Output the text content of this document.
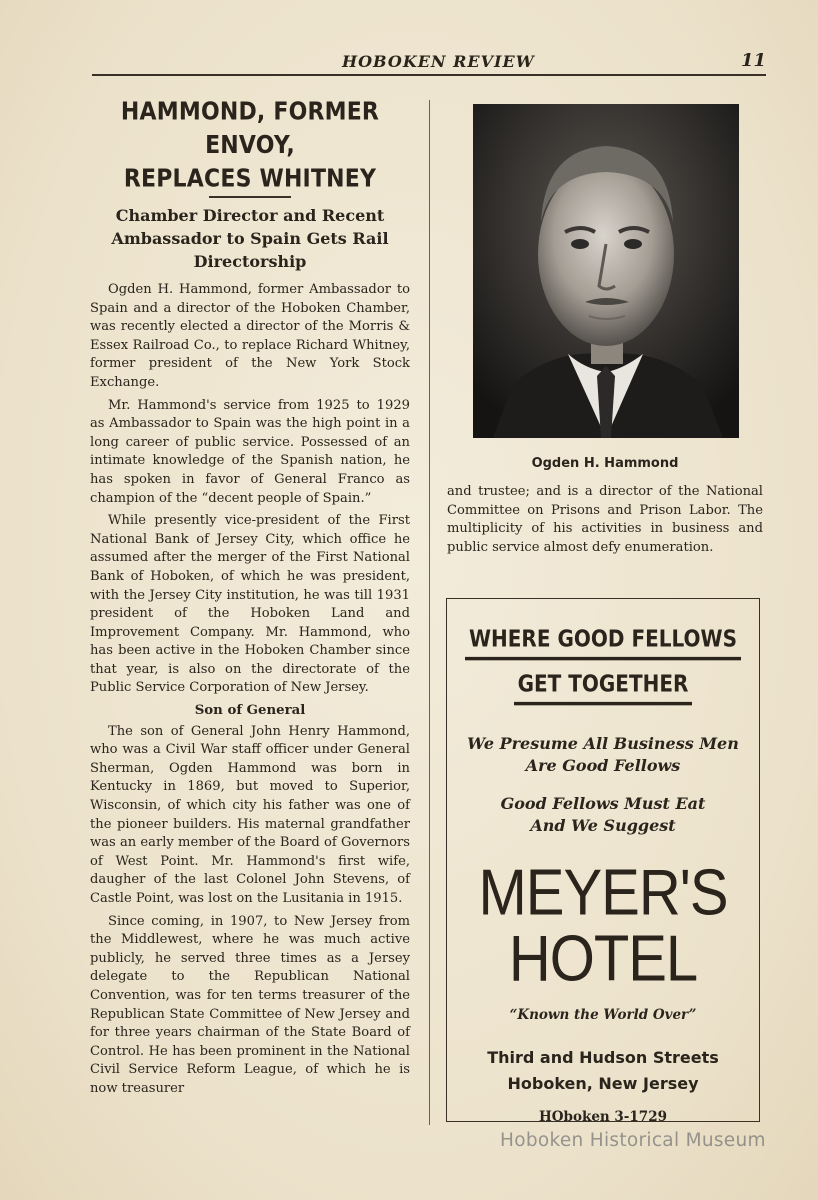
HOBOKEN REVIEW	11
HAMMOND, FORMER ENVOY,
REPLACES WHITNEY
Chamber Director and Recent Ambassador to Spain Gets Rail Directorship

Ogden H. Hammond, former Ambassador to Spain and a director of the Hoboken Chamber, was recently elected a director of the Morris & Essex Railroad Co., to replace Richard Whitney, former president of the New York Stock Exchange.

Mr. Hammond's service from 1925 to 1929 as Ambassador to Spain was the high point in a long career of public service. Possessed of an intimate knowledge of the Spanish nation, he has spoken in favor of General Franco as champion of the “decent people of Spain.”

While presently vice-president of the First National Bank of Jersey City, which office he assumed after the merger of the First National Bank of Hoboken, of which he was president, with the Jersey City institution, he was till 1931 president of the Hoboken Land and Improvement Company. Mr. Hammond, who has been active in the Hoboken Chamber since that year, is also on the directorate of the Public Service Corporation of New Jersey.

Son of General

The son of General John Henry Hammond, who was a Civil War staff officer under General Sherman, Ogden Hammond was born in Kentucky in 1869, but moved to Superior, Wisconsin, of which city his father was one of the pioneer builders. His maternal grandfather was an early member of the Board of Governors of West Point. Mr. Hammond's first wife, daugher of the last Colonel John Stevens, of Castle Point, was lost on the Lusitania in 1915.

Since coming, in 1907, to New Jersey from the Middlewest, where he was much active publicly, he served three times as a Jersey delegate to the Republican National Convention, was for ten terms treasurer of the Republican State Committee of New Jersey and for three years chairman of the State Board of Control. He has been prominent in the National Civil Service Reform League, of which he is now treasurer

Ogden H. Hammond

and trustee; and is a director of the National Committee on Prisons and Prison Labor. The multiplicity of his activities in business and public service almost defy enumeration.

WHERE GOOD FELLOWS
GET TOGETHER
We Presume All Business Men
Are Good Fellows
Good Fellows Must Eat
And We Suggest
MEYER'S
HOTEL
“Known the World Over”
Third and Hudson Streets
Hoboken, New Jersey
HOboken 3-1729
Hoboken Historical Museum
